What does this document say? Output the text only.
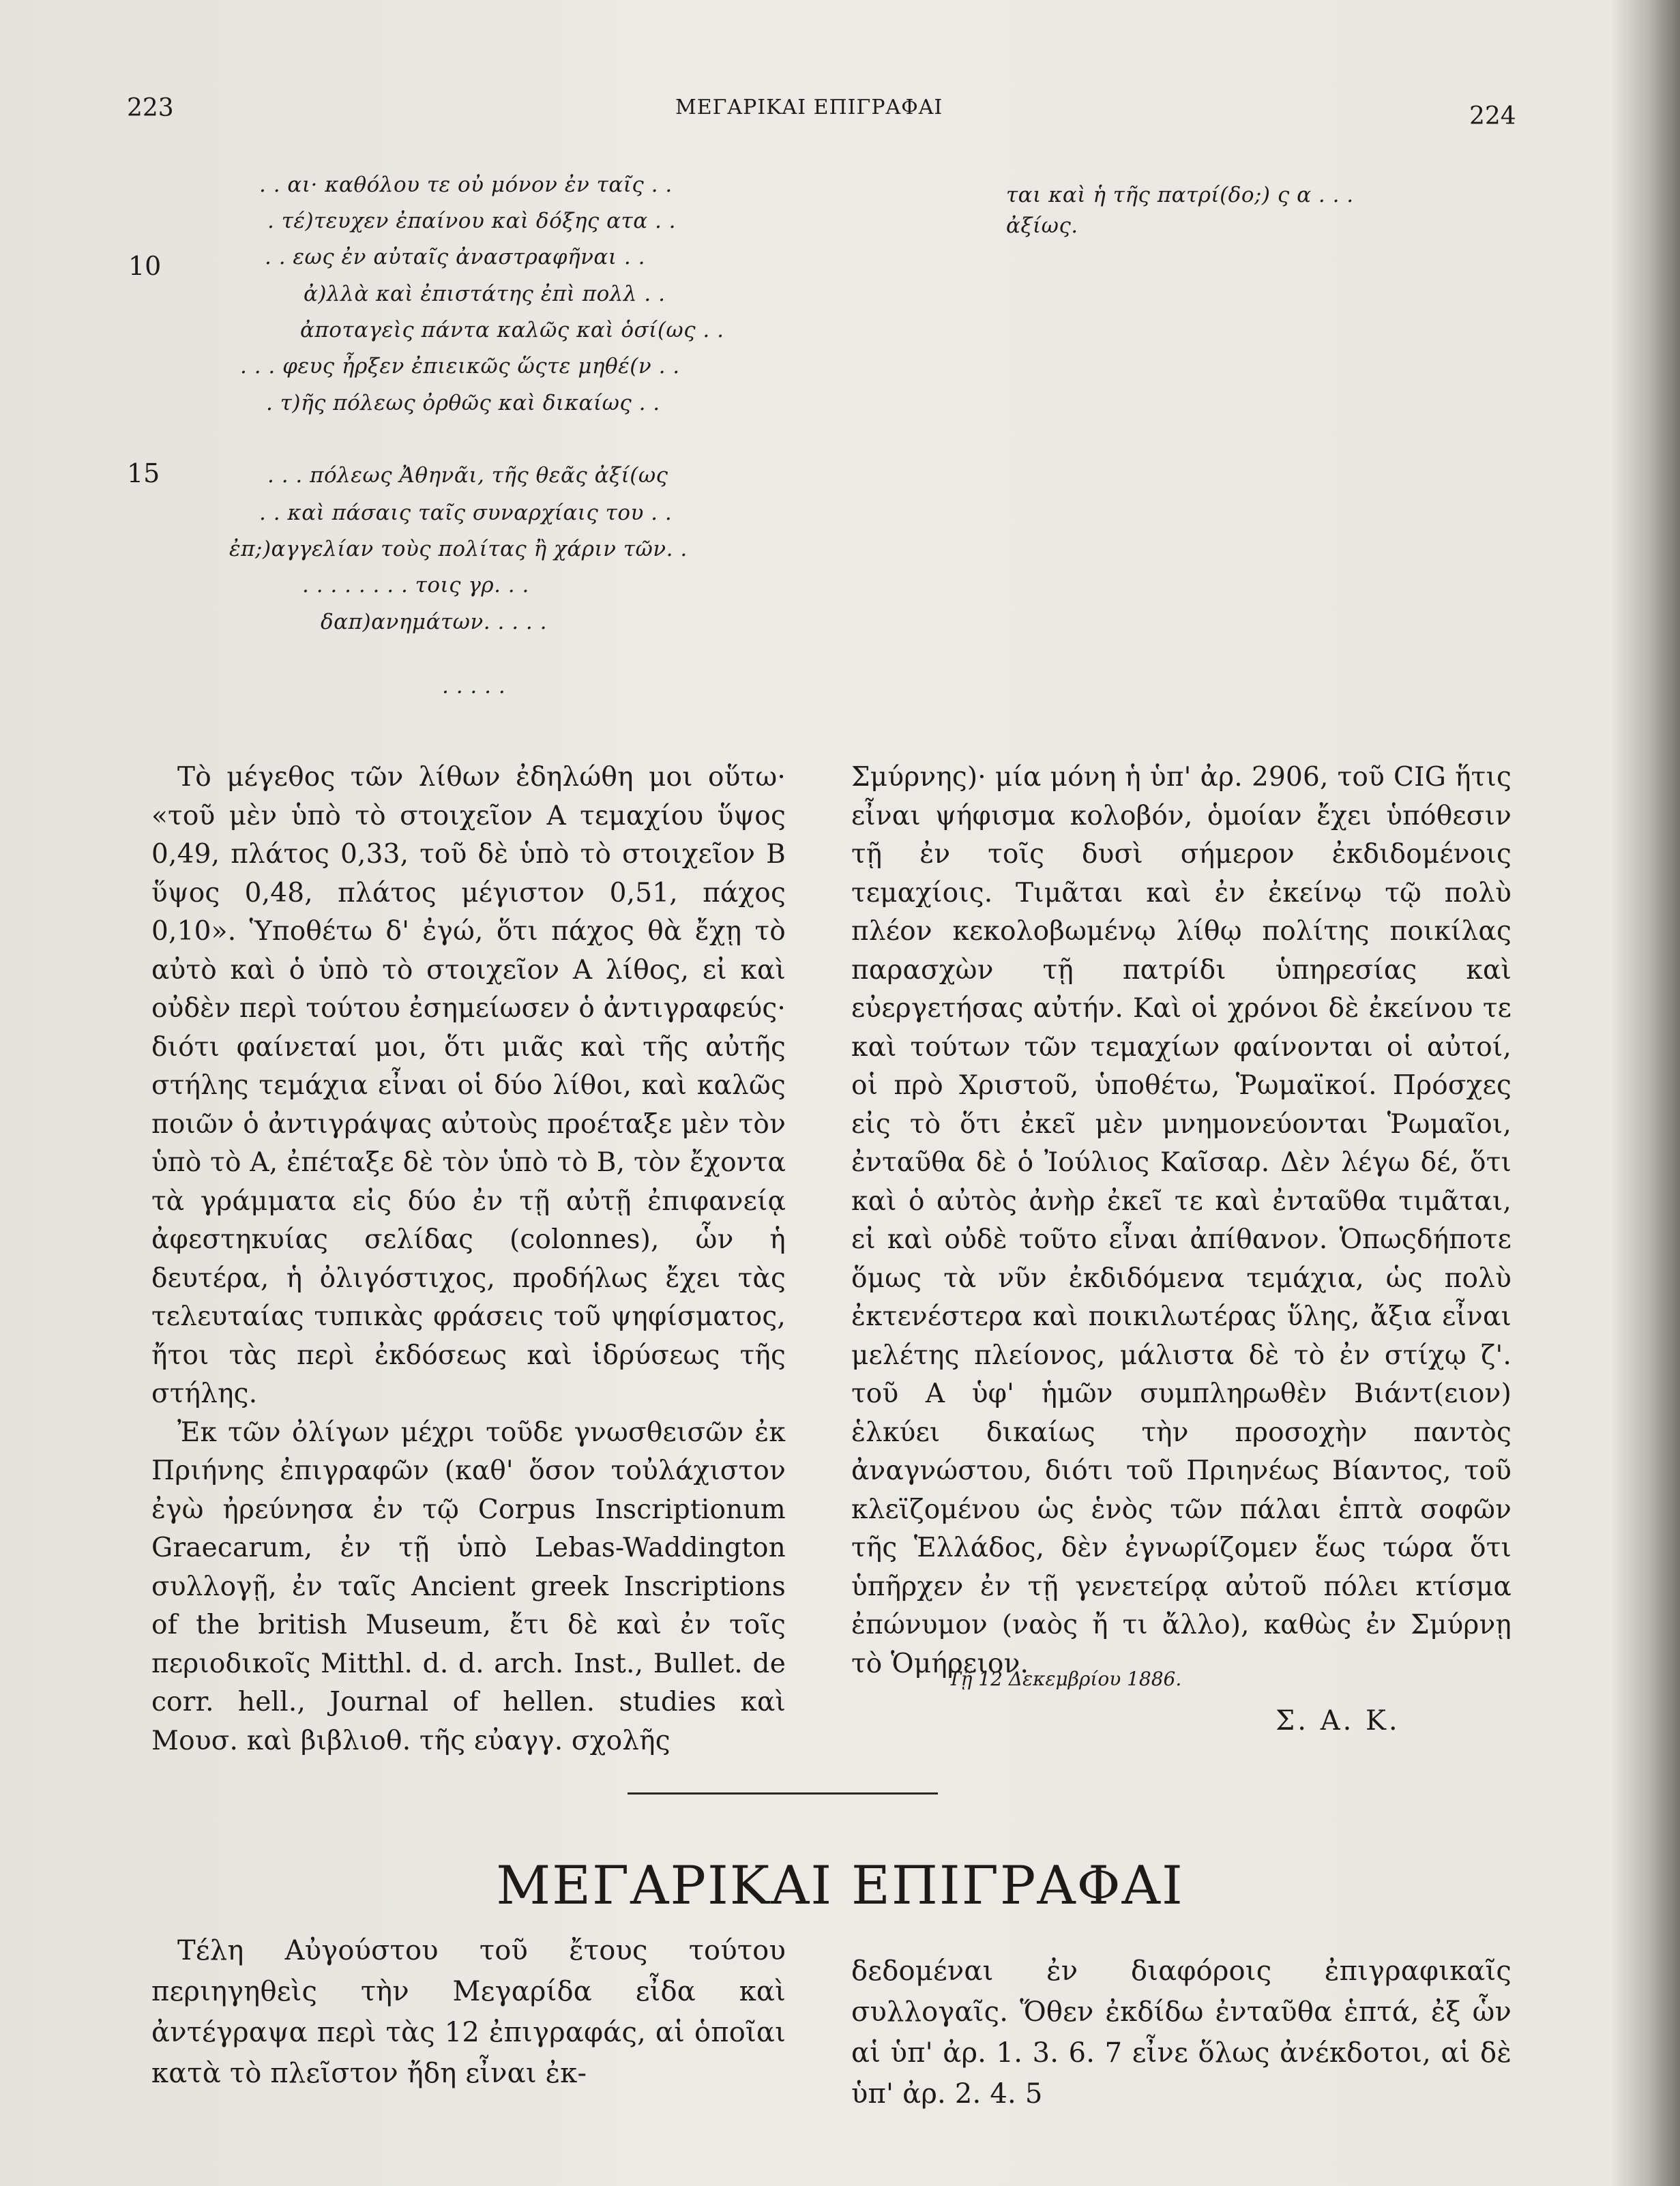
223	ΜΕΓΑΡΙΚΑΙ ΕΠΙΓΡΑΦΑΙ	224
. . αι· καθόλου τε οὐ μόνον ἐν ταῖς . .
. τέ)τευχεν ἐπαίνου καὶ δόξης ατα . .
. . εως ἐν αὐταῖς ἀναστραφῆναι . .
ἀ)λλὰ καὶ ἐπιστάτης ἐπὶ πολλ . .
ἀποταγεὶς πάντα καλῶς καὶ ὁσί(ως . .
. . . φευς ἦρξεν ἐπιεικῶς ὥςτε μηθέ(ν . .
. τ)ῆς πόλεως ὀρθῶς καὶ δικαίως . .
. . . πόλεως Ἀθηνᾶι, τῆς θεᾶς ἀξί(ως
. . καὶ πάσαις ταῖς συναρχίαις του . .
ἐπ;)αγγελίαν τοὺς πολίτας ἢ χάριν τῶν. .
. . . . . . . . τοις γρ. . .
δαπ)ανημάτων. . . . .
. . . . .
10
15
ται καὶ ἡ τῆς πατρί(δο;) ς α . . .
ἀξίως.

Τὸ μέγεθος τῶν λίθων ἐδηλώθη μοι οὕτω· «τοῦ μὲν ὑπὸ τὸ στοιχεῖον Α τεμαχίου ὕψος 0,49, πλάτος 0,33, τοῦ δὲ ὑπὸ τὸ στοιχεῖον Β ὕψος 0,48, πλάτος μέγιστον 0,51, πάχος 0,10». Ὑποθέτω δ' ἐγώ, ὅτι πάχος θὰ ἔχῃ τὸ αὐτὸ καὶ ὁ ὑπὸ τὸ στοιχεῖον Α λίθος, εἰ καὶ οὐδὲν περὶ τούτου ἐσημείωσεν ὁ ἀντιγραφεύς· διότι φαίνεταί μοι, ὅτι μιᾶς καὶ τῆς αὐτῆς στήλης τεμάχια εἶναι οἱ δύο λίθοι, καὶ καλῶς ποιῶν ὁ ἀντιγράψας αὐτοὺς προέταξε μὲν τὸν ὑπὸ τὸ Α, ἐπέταξε δὲ τὸν ὑπὸ τὸ Β, τὸν ἔχοντα τὰ γράμματα εἰς δύο ἐν τῇ αὐτῇ ἐπιφανείᾳ ἀφεστηκυίας σελίδας (colonnes), ὧν ἡ δευτέρα, ἡ ὀλιγόστιχος, προδήλως ἔχει τὰς τελευταίας τυπικὰς φράσεις τοῦ ψηφίσματος, ἤτοι τὰς περὶ ἐκδόσεως καὶ ἱδρύσεως τῆς στήλης.

Ἐκ τῶν ὀλίγων μέχρι τοῦδε γνωσθεισῶν ἐκ Πριήνης ἐπιγραφῶν (καθ' ὅσον τοὐλάχιστον ἐγὼ ἠρεύνησα ἐν τῷ Corpus Inscriptionum Graecarum, ἐν τῇ ὑπὸ Lebas-Waddington συλλογῇ, ἐν ταῖς Ancient greek Inscriptions of the british Museum, ἔτι δὲ καὶ ἐν τοῖς περιοδικοῖς Mitthl. d. d. arch. Inst., Bullet. de corr. hell., Journal of hellen. studies καὶ Μουσ. καὶ βιβλιοθ. τῆς εὐαγγ. σχολῆς

Σμύρνης)· μία μόνη ἡ ὑπ' ἀρ. 2906, τοῦ CIG ἥτις εἶναι ψήφισμα κολοβόν, ὁμοίαν ἔχει ὑπόθεσιν τῇ ἐν τοῖς δυσὶ σήμερον ἐκδιδομένοις τεμαχίοις. Τιμᾶται καὶ ἐν ἐκείνῳ τῷ πολὺ πλέον κεκολοβωμένῳ λίθῳ πολίτης ποικίλας παρασχὼν τῇ πατρίδι ὑπηρεσίας καὶ εὐεργετήσας αὐτήν. Καὶ οἱ χρόνοι δὲ ἐκείνου τε καὶ τούτων τῶν τεμαχίων φαίνονται οἱ αὐτοί, οἱ πρὸ Χριστοῦ, ὑποθέτω, Ῥωμαϊκοί. Πρόσχες εἰς τὸ ὅτι ἐκεῖ μὲν μνημονεύονται Ῥωμαῖοι, ἐνταῦθα δὲ ὁ Ἰούλιος Καῖσαρ. Δὲν λέγω δέ, ὅτι καὶ ὁ αὐτὸς ἀνὴρ ἐκεῖ τε καὶ ἐνταῦθα τιμᾶται, εἰ καὶ οὐδὲ τοῦτο εἶναι ἀπίθανον. Ὁπωςδήποτε ὅμως τὰ νῦν ἐκδιδόμενα τεμάχια, ὡς πολὺ ἐκτενέστερα καὶ ποικιλωτέρας ὕλης, ἄξια εἶναι μελέτης πλείονος, μάλιστα δὲ τὸ ἐν στίχῳ ζ'. τοῦ Α ὑφ' ἡμῶν συμπληρωθὲν Βιάντ(ειον) ἑλκύει δικαίως τὴν προσοχὴν παντὸς ἀναγνώστου, διότι τοῦ Πριηνέως Βίαντος, τοῦ κλεϊζομένου ὡς ἑνὸς τῶν πάλαι ἑπτὰ σοφῶν τῆς Ἑλλάδος, δὲν ἐγνωρίζομεν ἕως τώρα ὅτι ὑπῆρχεν ἐν τῇ γενετείρᾳ αὐτοῦ πόλει κτίσμα ἐπώνυμον (ναὸς ἤ τι ἄλλο), καθὼς ἐν Σμύρνῃ τὸ Ὁμήρειον.

Τῇ 12 Δεκεμβρίου 1886.
Σ. Α. Κ.
ΜΕΓΑΡΙΚΑΙ ΕΠΙΓΡΑΦΑΙ

Τέλη Αὐγούστου τοῦ ἔτους τούτου περιηγηθεὶς τὴν Μεγαρίδα εἶδα καὶ ἀντέγραψα περὶ τὰς 12 ἐπιγραφάς, αἱ ὁποῖαι κατὰ τὸ πλεῖστον ἤδη εἶναι ἐκ-

δεδομέναι ἐν διαφόροις ἐπιγραφικαῖς συλλογαῖς. Ὅθεν ἐκδίδω ἐνταῦθα ἑπτά, ἐξ ὧν αἱ ὑπ' ἀρ. 1. 3. 6. 7 εἶνε ὅλως ἀνέκδοτοι, αἱ δὲ ὑπ' ἀρ. 2. 4. 5
